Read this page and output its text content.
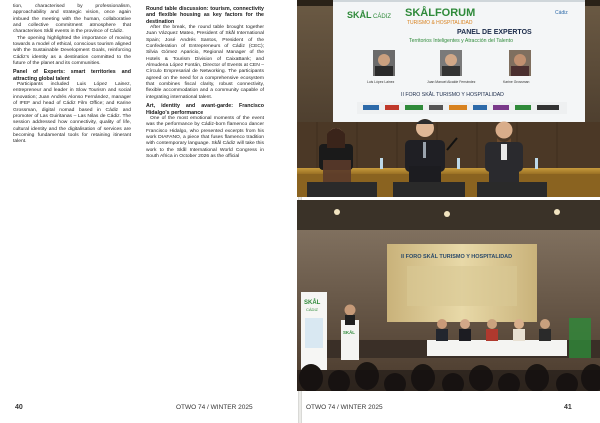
tion, characterised by professionalism, approachability and strategic vision, once again imbued the meeting with the human, collaborative and collective commitment atmosphere that characterises Skål events in the province of Cádiz.

The opening highlighted the importance of moving towards a model of ethical, conscious tourism aligned with the Sustainable Development Goals, reinforcing Cádiz's identity as a destination committed to the future of the planet and its communities.

Panel of Experts: smart territories and attracting global talent

Participants included Luis López Lainez, entrepreneur and leader in Slow Tourism and social innovation; Juan Andrés Alonso Fernández, manager of IFEF and head of Cádiz Film Office; and Karine Grossman, digital nomad based in Cádiz and promoter of Las Guiritanas – Las Nilas de Cádiz. The session addressed how connectivity, quality of life, cultural identity and the digitalisation of services are becoming fundamental tools for retaining itinerant talent.

Round table discussion: tourism, connectivity and flexible housing as key factors for the destination

After the break, the round table brought together Juan Vázquez Mateo, President of Skål International Spain; José Andrés Santos, President of the Confederation of Entrepreneurs of Cádiz (CEC); Silvia Gómez Aparicio, Regional Manager of the Hotels & Tourism Division of CaixaBank; and Almudena López Fontán, Director of Events at CEN – Círculo Empresarial de Networking. The participants agreed on the need for a comprehensive ecosystem that combines fiscal clarity, robust connectivity, flexible accommodation and a community capable of integrating international talent.

Art, identity and avant-garde: Francisco Hidalgo's performance

One of the most emotional moments of the event was the performance by Cádiz-born flamenco dancer Francisco Hidalgo, who presented excerpts from his work DIAFANO, a piece that fuses flamenco tradition with contemporary language. Skål Cádiz will take this work to the Skål International World Congress in South Africa in October 2026 as the official

40	OTWO 74 / WINTER 2025	OTWO 74 / WINTER 2025	41
SKÅL CÁDIZ SKÅLFORUM
TURISMO & HOSPITALIDAD
Cádiz
PANEL DE EXPERTOS
Territorios Inteligentes y Atracción del Talento
Luis López Lainez	Juan Manuel Alcalde Fernández	Karine Grossman
II FORO SKÅL TURISMO Y HOSPITALIDAD
II FORO SKÅL TURISMO Y HOSPITALIDAD
SKÅL
CÁDIZ
SKÅL
